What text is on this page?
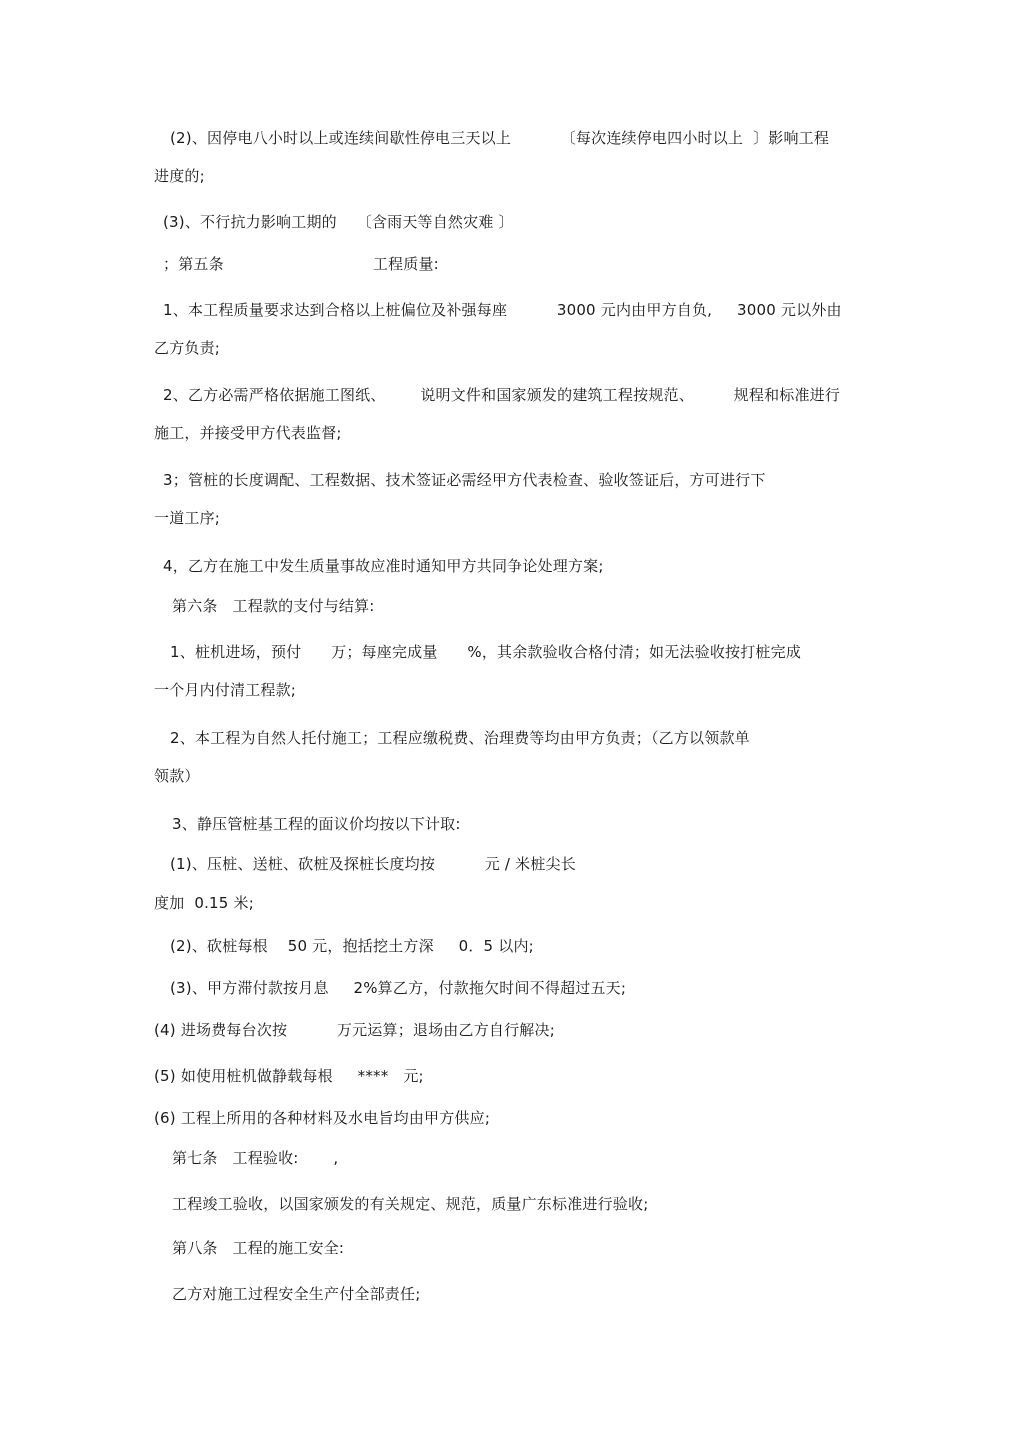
(2)、因停电八小时以上或连续间歇性停电三天以上          〔每次连续停电四小时以上  〕影响工程
进度的;
(3)、不行抗力影响工期的    〔含雨天等自然灾难 〕
；第五条                              工程质量:
1、本工程质量要求达到合格以上桩偏位及补强每座          3000 元内由甲方自负,     3000 元以外由
乙方负责;
2、乙方必需严格依据施工图纸、       说明文件和国家颁发的建筑工程按规范、        规程和标准进行
施工，并接受甲方代表监督;
3；管桩的长度调配、工程数据、技术签证必需经甲方代表检查、验收签证后，方可进行下
一道工序;
4，乙方在施工中发生质量事故应准时通知甲方共同争论处理方案;
第六条   工程款的支付与结算:
1、桩机进场，预付      万；每座完成量      %，其余款验收合格付清；如无法验收按打桩完成
一个月内付清工程款;
2、本工程为自然人托付施工；工程应缴税费、治理费等均由甲方负责；（乙方以领款单
领款）
3、静压管桩基工程的面议价均按以下计取:
(1)、压桩、送桩、砍桩及探桩长度均按          元 / 米桩尖长
度加  0.15 米;
(2)、砍桩每根    50 元，抱括挖土方深     0．5 以内;
(3)、甲方滞付款按月息     2%算乙方，付款拖欠时间不得超过五天;
(4) 进场费每台次按          万元运算；退场由乙方自行解决;
(5) 如使用桩机做静载每根     ****   元;
(6) 工程上所用的各种材料及水电旨均由甲方供应;
第七条   工程验收:       ,
工程竣工验收，以国家颁发的有关规定、规范，质量广东标准进行验收;
第八条   工程的施工安全:
乙方对施工过程安全生产付全部责任;
